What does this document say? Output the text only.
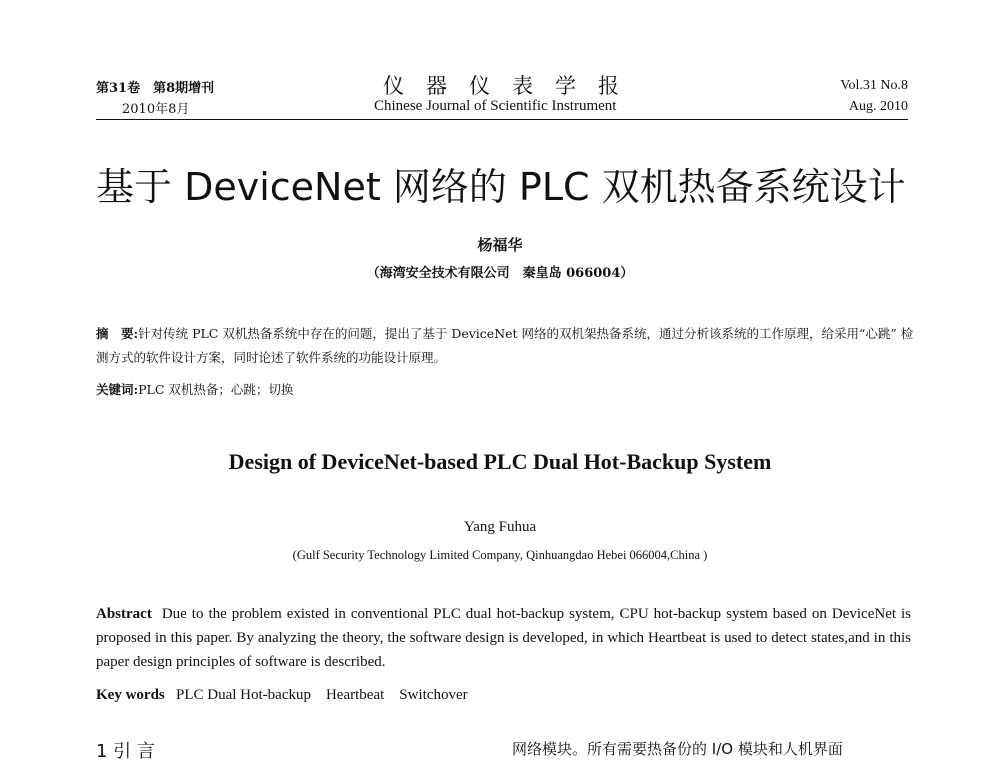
第31卷　第8期增刊
2010年8月
仪器仪表学报
Chinese Journal of Scientific Instrument
Vol.31 No.8
Aug. 2010
基于 DeviceNet 网络的 PLC 双机热备系统设计
杨福华
（海湾安全技术有限公司　秦皇岛 066004）
摘　要:针对传统 PLC 双机热备系统中存在的问题，提出了基于 DeviceNet 网络的双机架热备系统，通过分析该系统的工作原理，给采用“心跳” 检测方式的软件设计方案，同时论述了软件系统的功能设计原理。
关键词:PLC 双机热备；心跳；切换
Design of DeviceNet-based PLC Dual Hot-Backup System
Yang Fuhua
(Gulf Security Technology Limited Company, Qinhuangdao Hebei 066004,China )
Abstract Due to the problem existed in conventional PLC dual hot-backup system, CPU hot-backup system based on DeviceNet is proposed in this paper. By analyzing the theory, the software design is developed, in which Heartbeat is used to detect states,and in this paper design principles of software is described.
Key words PLC Dual Hot-backup　Heartbeat　Switchover
1 引 言	网络模块。所有需要热备份的 I/O 模块和人机界面
